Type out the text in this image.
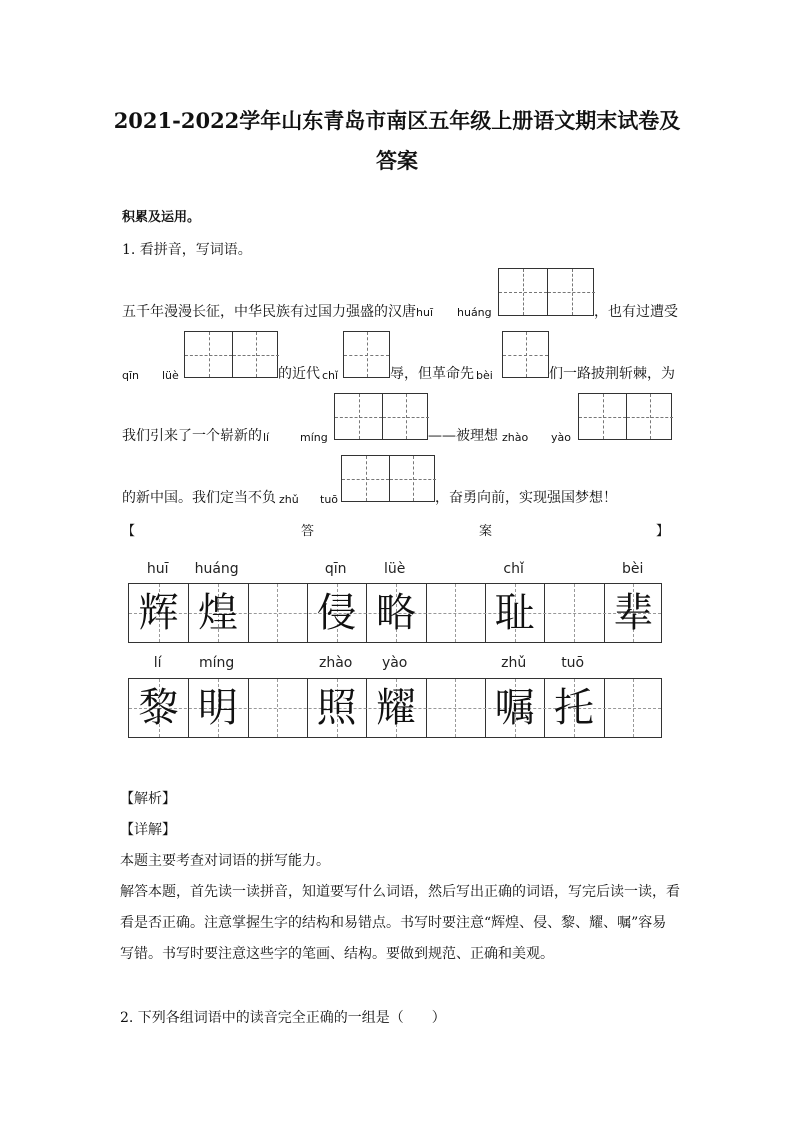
2021-2022学年山东青岛市南区五年级上册语文期末试卷及
答案
积累及运用。
1. 看拼音，写词语。
五千年漫漫长征，中华民族有过国力强盛的汉唐 huī huáng	，也有过遭受
qīn lüè	的近代 chǐ	辱，但革命先 bèi	们一路披荆斩棘，为
我们引来了一个崭新的 lí	míng	——被理想 zhào yào
的新中国。我们定当不负 zhǔ tuō	，奋勇向前，实现强国梦想！
【	答	案	】
huī	huáng	qīn	lüè	chǐ	bèi
辉 煌 侵 略 耻 辈
lí	míng	zhào	yào	zhǔ	tuō
黎 明 照 耀 嘱 托
【解析】
【详解】
本题主要考查对词语的拼写能力。
解答本题，首先读一读拼音，知道要写什么词语，然后写出正确的词语，写完后读一读，看
看是否正确。注意掌握生字的结构和易错点。书写时要注意“辉煌、侵、黎、耀、嘱”容易
写错。书写时要注意这些字的笔画、结构。要做到规范、正确和美观。
2. 下列各组词语中的读音完全正确的一组是（　　）
